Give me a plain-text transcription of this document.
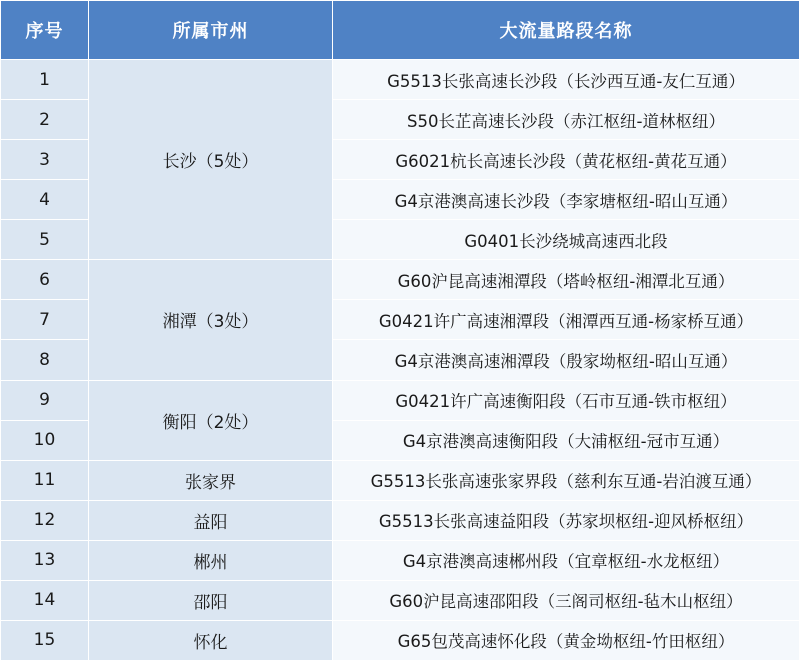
序号	所属市州	大流量路段名称
1	长沙（5处）	G5513长张高速长沙段（长沙西互通-友仁互通）
2		S50长芷高速长沙段（赤江枢纽-道林枢纽）
3		G6021杭长高速长沙段（黄花枢纽-黄花互通）
4		G4京港澳高速长沙段（李家塘枢纽-昭山互通）
5		G0401长沙绕城高速西北段
6	湘潭（3处）	G60沪昆高速湘潭段（塔岭枢纽-湘潭北互通）
7		G0421许广高速湘潭段（湘潭西互通-杨家桥互通）
8		G4京港澳高速湘潭段（殷家坳枢纽-昭山互通）
9	衡阳（2处）	G0421许广高速衡阳段（石市互通-铁市枢纽）
10		G4京港澳高速衡阳段（大浦枢纽-冠市互通）
11	张家界	G5513长张高速张家界段（慈利东互通-岩泊渡互通）
12	益阳	G5513长张高速益阳段（苏家坝枢纽-迎风桥枢纽）
13	郴州	G4京港澳高速郴州段（宜章枢纽-水龙枢纽）
14	邵阳	G60沪昆高速邵阳段（三阁司枢纽-毡木山枢纽）
15	怀化	G65包茂高速怀化段（黄金坳枢纽-竹田枢纽）
